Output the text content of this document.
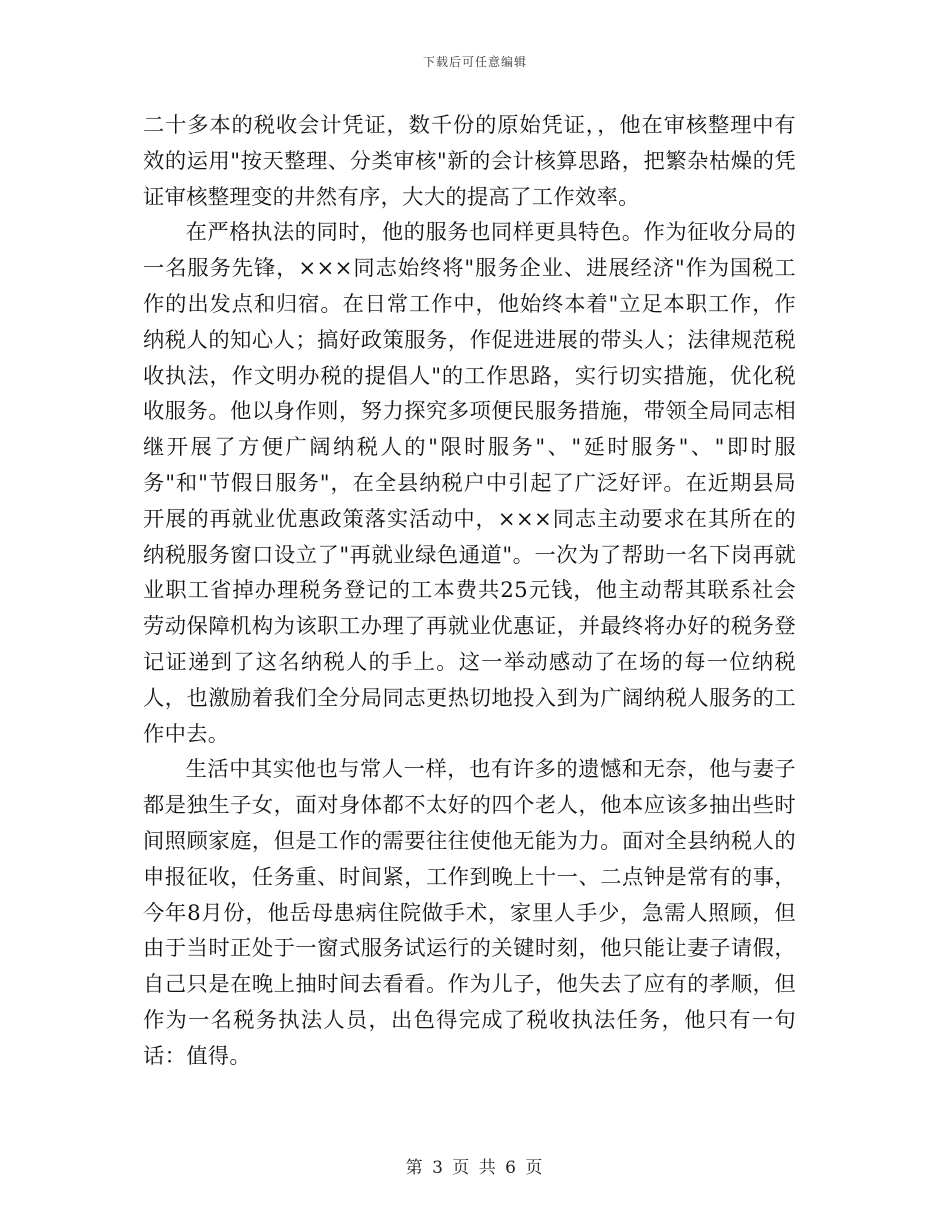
下载后可任意编辑

二十多本的税收会计凭证，数千份的原始凭证，，他在审核整理中有效的运用"按天整理、分类审核"新的会计核算思路，把繁杂枯燥的凭证审核整理变的井然有序，大大的提高了工作效率。

在严格执法的同时，他的服务也同样更具特色。作为征收分局的一名服务先锋，×××同志始终将"服务企业、进展经济"作为国税工作的出发点和归宿。在日常工作中，他始终本着"立足本职工作，作纳税人的知心人；搞好政策服务，作促进进展的带头人；法律规范税收执法，作文明办税的提倡人"的工作思路，实行切实措施，优化税收服务。他以身作则，努力探究多项便民服务措施，带领全局同志相继开展了方便广阔纳税人的"限时服务"、"延时服务"、"即时服务"和"节假日服务"，在全县纳税户中引起了广泛好评。在近期县局开展的再就业优惠政策落实活动中，×××同志主动要求在其所在的纳税服务窗口设立了"再就业绿色通道"。一次为了帮助一名下岗再就业职工省掉办理税务登记的工本费共25元钱，他主动帮其联系社会劳动保障机构为该职工办理了再就业优惠证，并最终将办好的税务登记证递到了这名纳税人的手上。这一举动感动了在场的每一位纳税人，也激励着我们全分局同志更热切地投入到为广阔纳税人服务的工作中去。

生活中其实他也与常人一样，也有许多的遗憾和无奈，他与妻子都是独生子女，面对身体都不太好的四个老人，他本应该多抽出些时间照顾家庭，但是工作的需要往往使他无能为力。面对全县纳税人的申报征收，任务重、时间紧，工作到晚上十一、二点钟是常有的事，今年8月份，他岳母患病住院做手术，家里人手少，急需人照顾，但由于当时正处于一窗式服务试运行的关键时刻，他只能让妻子请假，自己只是在晚上抽时间去看看。作为儿子，他失去了应有的孝顺，但作为一名税务执法人员，出色得完成了税收执法任务，他只有一句话：值得。

第 3 页 共 6 页
